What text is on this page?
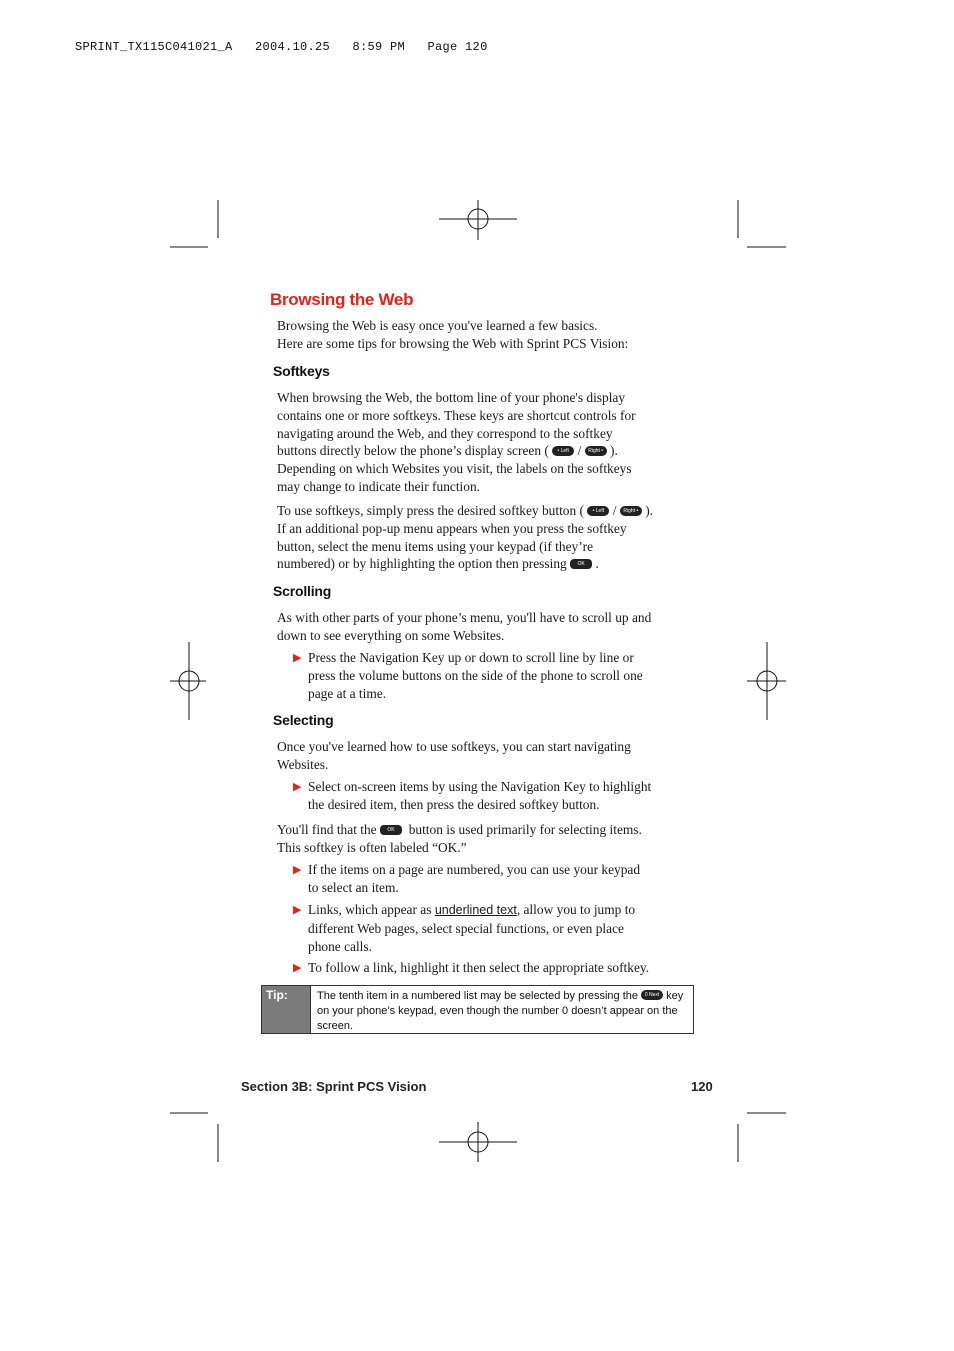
SPRINT_TX115C041021_A   2004.10.25   8:59 PM   Page 120
Browsing the Web
Browsing the Web is easy once you've learned a few basics.
Here are some tips for browsing the Web with Sprint PCS Vision:
Softkeys
When browsing the Web, the bottom line of your phone's display
contains one or more softkeys. These keys are shortcut controls for
navigating around the Web, and they correspond to the softkey
buttons directly below the phone’s display screen ( • Left / Right • ).
Depending on which Websites you visit, the labels on the softkeys
may change to indicate their function.
To use softkeys, simply press the desired softkey button ( • Left / Right • ).
If an additional pop-up menu appears when you press the softkey
button, select the menu items using your keypad (if they’re
numbered) or by highlighting the option then pressing OK .
Scrolling
As with other parts of your phone’s menu, you'll have to scroll up and
down to see everything on some Websites.
▶ Press the Navigation Key up or down to scroll line by line or
press the volume buttons on the side of the phone to scroll one
page at a time.
Selecting
Once you've learned how to use softkeys, you can start navigating
Websites.
▶ Select on-screen items by using the Navigation Key to highlight
the desired item, then press the desired softkey button.
You'll find that the OK button is used primarily for selecting items.
This softkey is often labeled “OK.”
▶ If the items on a page are numbered, you can use your keypad
to select an item.
▶ Links, which appear as underlined text, allow you to jump to
different Web pages, select special functions, or even place
phone calls.
▶ To follow a link, highlight it then select the appropriate softkey.
Tip:	The tenth item in a numbered list may be selected by pressing the 0 Next key
on your phone’s keypad, even though the number 0 doesn’t appear on the
screen.
Section 3B: Sprint PCS Vision	120
